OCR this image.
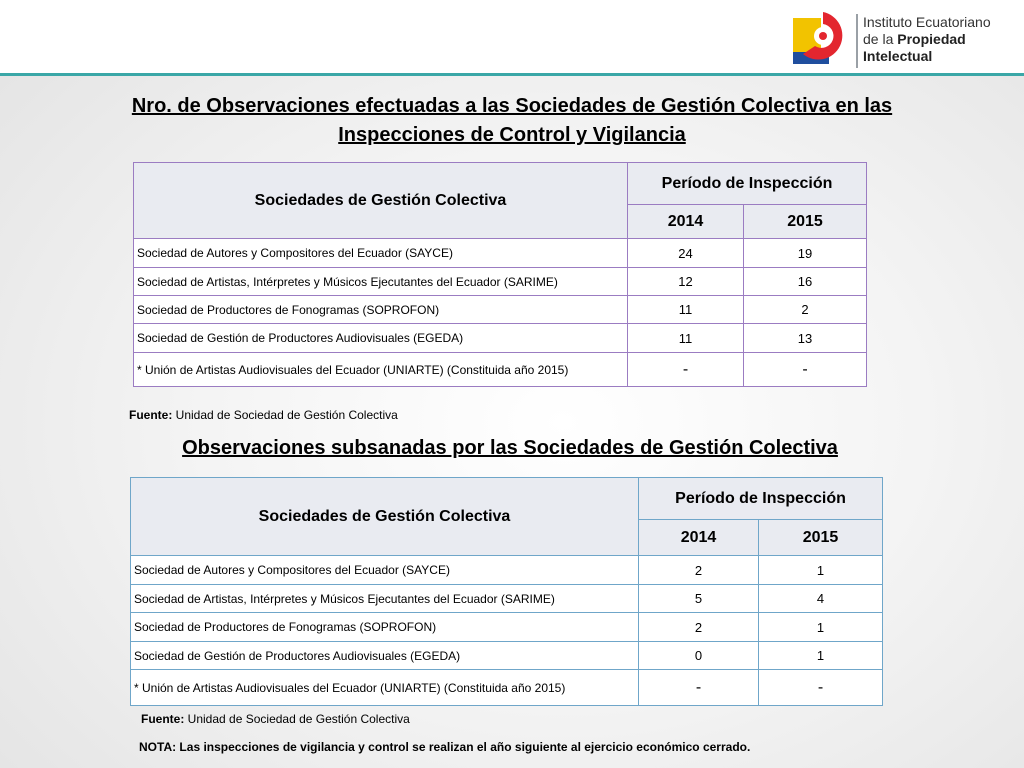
Instituto Ecuatoriano
de la Propiedad
Intelectual
Nro. de Observaciones efectuadas a las Sociedades de Gestión Colectiva en las
Inspecciones de Control y Vigilancia
Sociedades de Gestión Colectiva	Período de Inspección	
	2014	2015
Sociedad de Autores y Compositores del Ecuador (SAYCE)	24	19
Sociedad de Artistas, Intérpretes y Músicos Ejecutantes del Ecuador (SARIME)	12	16
Sociedad de Productores de Fonogramas (SOPROFON)	11	2
Sociedad de Gestión de Productores Audiovisuales (EGEDA)	11	13
* Unión de Artistas Audiovisuales del Ecuador (UNIARTE) (Constituida año 2015)	-	-
Fuente: Unidad de Sociedad de Gestión Colectiva
Observaciones subsanadas por las Sociedades de Gestión Colectiva
Sociedades de Gestión Colectiva	Período de Inspección	
	2014	2015
Sociedad de Autores y Compositores del Ecuador (SAYCE)	2	1
Sociedad de Artistas, Intérpretes y Músicos Ejecutantes del Ecuador (SARIME)	5	4
Sociedad de Productores de Fonogramas (SOPROFON)	2	1
Sociedad de Gestión de Productores Audiovisuales (EGEDA)	0	1
* Unión de Artistas Audiovisuales del Ecuador (UNIARTE) (Constituida año 2015)	-	-
Fuente: Unidad de Sociedad de Gestión Colectiva
NOTA: Las inspecciones de vigilancia y control se realizan el año siguiente al ejercicio económico cerrado.
